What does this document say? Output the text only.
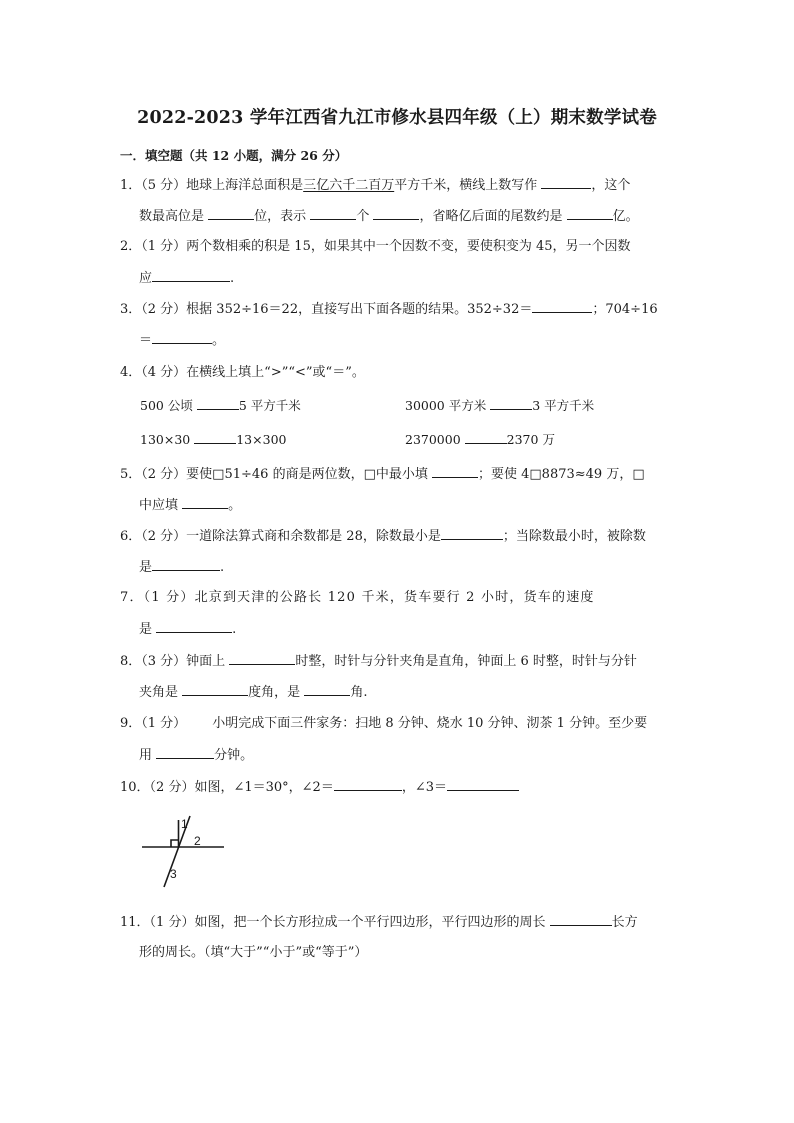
2022-2023 学年江西省九江市修水县四年级（上）期末数学试卷
一．填空题（共 12 小题，满分 26 分）
1．（5 分）地球上海洋总面积是三亿六千二百万平方千米，横线上数写作	，这个
数最高位是	位，表示	个	，省略亿后面的尾数约是	亿。
2．（1 分）两个数相乘的积是 15，如果其中一个因数不变，要使积变为 45，另一个因数
应	.
3．（2 分）根据 352÷16＝22，直接写出下面各题的结果。352÷32＝	；704÷16
＝	。
4．（4 分）在横线上填上“>”“<”或“＝”。
500 公顷	5 平方千米	30000 平方米	3 平方千米
130×30	13×300	2370000	2370 万
5．（2 分）要使□51÷46 的商是两位数，□中最小填	；要使 4□8873≈49 万，□
中应填	。
6．（2 分）一道除法算式商和余数都是 28，除数最小是	；当除数最小时，被除数
是	.
7．（1 分）北京到天津的公路长 120 千米，货车要行 2 小时，货车的速度
是	.
8．（3 分）钟面上	时整，时针与分针夹角是直角，钟面上 6 时整，时针与分针
夹角是	度角，是	角.
9．（1 分） 小明完成下面三件家务：扫地 8 分钟、烧水 10 分钟、沏茶 1 分钟。至少要
用	分钟。
10．（2 分）如图，∠1＝30°，∠2＝	，∠3＝
1
2
3
11．（1 分）如图，把一个长方形拉成一个平行四边形，平行四边形的周长	长方
形的周长。（填“大于”“小于”或“等于”）
